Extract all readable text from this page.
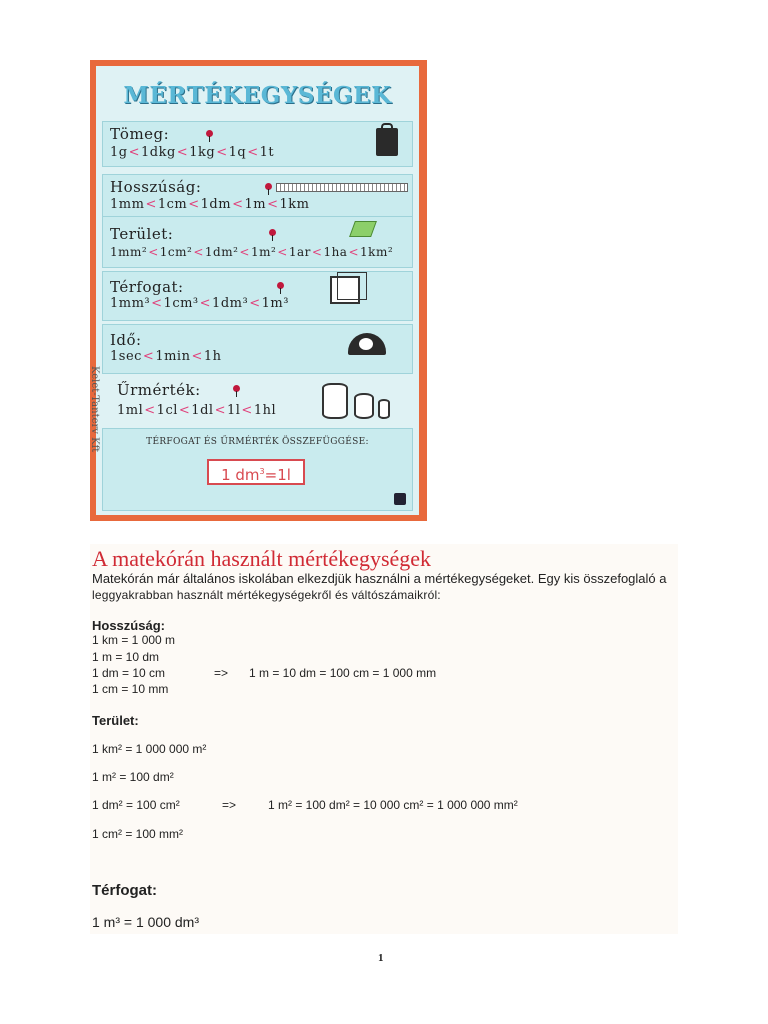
MÉRTÉKEGYSÉGEK
Tömeg:
1g<1dkg<1kg<1q<1t
Hosszúság:
1mm<1cm<1dm<1m<1km
Terület:
1mm²<1cm²<1dm²<1m²<1ar<1ha<1km²
Térfogat:
1mm³<1cm³<1dm³<1m³
Idő:
1sec<1min<1h
Űrmérték:
1ml<1cl<1dl<1l<1hl
TÉRFOGAT ÉS ŰRMÉRTÉK ÖSSZEFÜGGÉSE:
1 $dm^3=1l$
Kelet-Tanterv Kft
A matekórán használt mértékegységek
Matekórán már általános iskolában elkezdjük használni a mértékegységeket. Egy kis összefoglaló a
leggyakrabban használt mértékegységekről és váltószámaikról:
Hosszúság:
1 km = 1 000 m
1 m = 10 dm
1 dm = 10 cm	=> 1 m = 10 dm = 100 cm = 1 000 mm
1 cm = 10 mm
Terület:
1 km² = 1 000 000 m²
1 m² = 100 dm²
1 dm² = 100 cm²	=>	1 m² = 100 dm² = 10 000 cm² = 1 000 000 mm²
1 cm² = 100 mm²
Térfogat:
1 m³ = 1 000 dm³
1
